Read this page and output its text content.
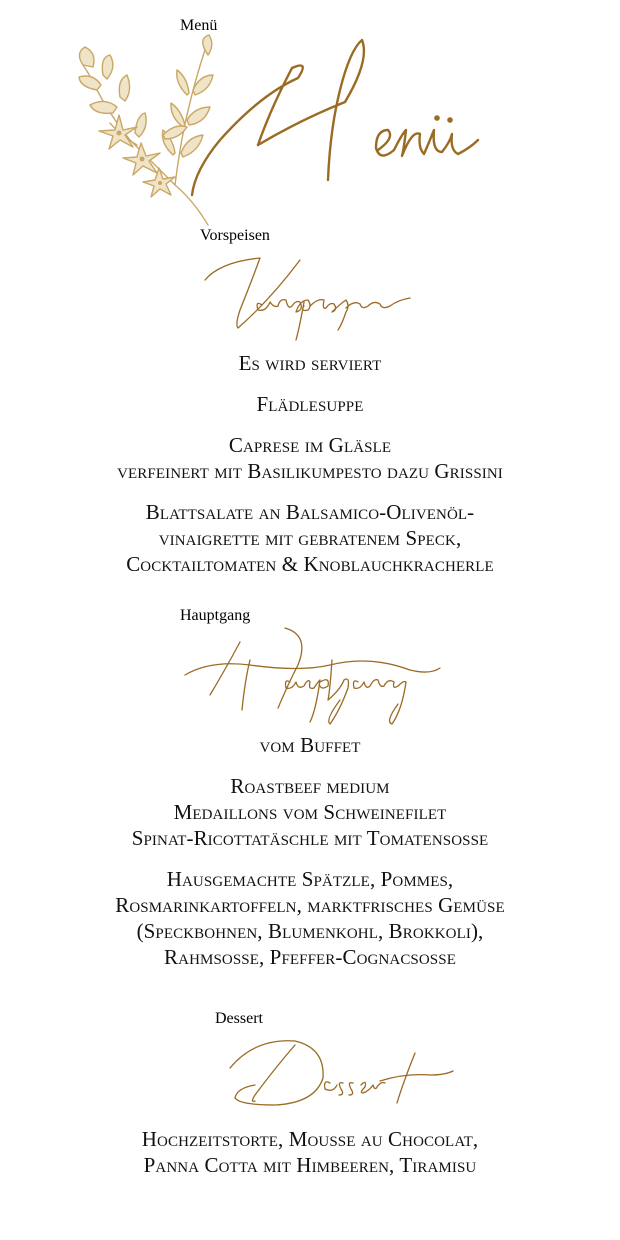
Menü
Vorspeisen
Es wird serviert
Flädlesuppe
Caprese im Gläsle
verfeinert mit Basilikumpesto dazu Grissini
Blattsalate an Balsamico-Olivenöl-
vinaigrette mit gebratenem Speck,
Cocktailtomaten & Knoblauchkracherle
Hauptgang
vom Buffet
Roastbeef medium
Medaillons vom Schweinefilet
Spinat-Ricottatäschle mit Tomatensosse
Hausgemachte Spätzle, Pommes,
Rosmarinkartoffeln, marktfrisches Gemüse
(Speckbohnen, Blumenkohl, Brokkoli),
Rahmsosse, Pfeffer-Cognacsosse
Dessert
Hochzeitstorte, Mousse au Chocolat,
Panna Cotta mit Himbeeren, Tiramisu
